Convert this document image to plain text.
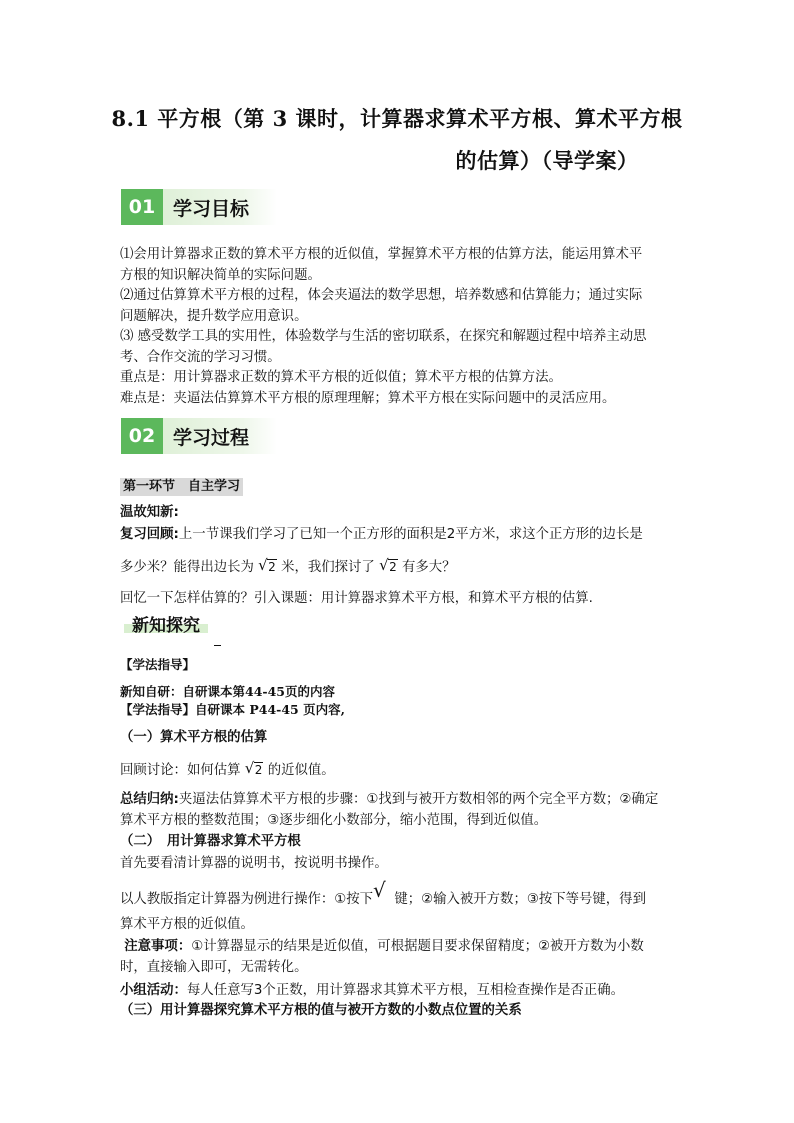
8.1 平方根（第 3 课时，计算器求算术平方根、算术平方根
的估算）（导学案）
01 学习目标
⑴会用计算器求正数的算术平方根的近似值，掌握算术平方根的估算方法，能运用算术平
方根的知识解决简单的实际问题。
⑵通过估算算术平方根的过程，体会夹逼法的数学思想，培养数感和估算能力；通过实际
问题解决，提升数学应用意识。
⑶ 感受数学工具的实用性，体验数学与生活的密切联系，在探究和解题过程中培养主动思
考、合作交流的学习习惯。
重点是：用计算器求正数的算术平方根的近似值；算术平方根的估算方法。
难点是：夹逼法估算算术平方根的原理理解；算术平方根在实际问题中的灵活应用。
02 学习过程
第一环节　自主学习
温故知新:
复习回顾:上一节课我们学习了已知一个正方形的面积是2平方米，求这个正方形的边长是
多少米？能得出边长为 √ 2 米，我们探讨了 √ 2 有多大？
回忆一下怎样估算的？引入课题：用计算器求算术平方根，和算术平方根的估算.
新知探究
【学法指导】
新知自研：自研课本第44-45页的内容
【学法指导】自研课本 P44-45 页内容,
（一）算术平方根的估算
回顾讨论：如何估算 √ 2 的近似值。
总结归纳:夹逼法估算算术平方根的步骤：①找到与被开方数相邻的两个完全平方数；②确定
算术平方根的整数范围；③逐步细化小数部分，缩小范围，得到近似值。
（二）　用计算器求算术平方根
首先要看清计算器的说明书，按说明书操作。
以人教版指定计算器为例进行操作：①按下√ 键；②输入被开方数；③按下等号键，得到
算术平方根的近似值。
注意事项：①计算器显示的结果是近似值，可根据题目要求保留精度；②被开方数为小数
时，直接输入即可，无需转化。
小组活动：每人任意写3个正数，用计算器求其算术平方根，互相检查操作是否正确。
（三）用计算器探究算术平方根的值与被开方数的小数点位置的关系
